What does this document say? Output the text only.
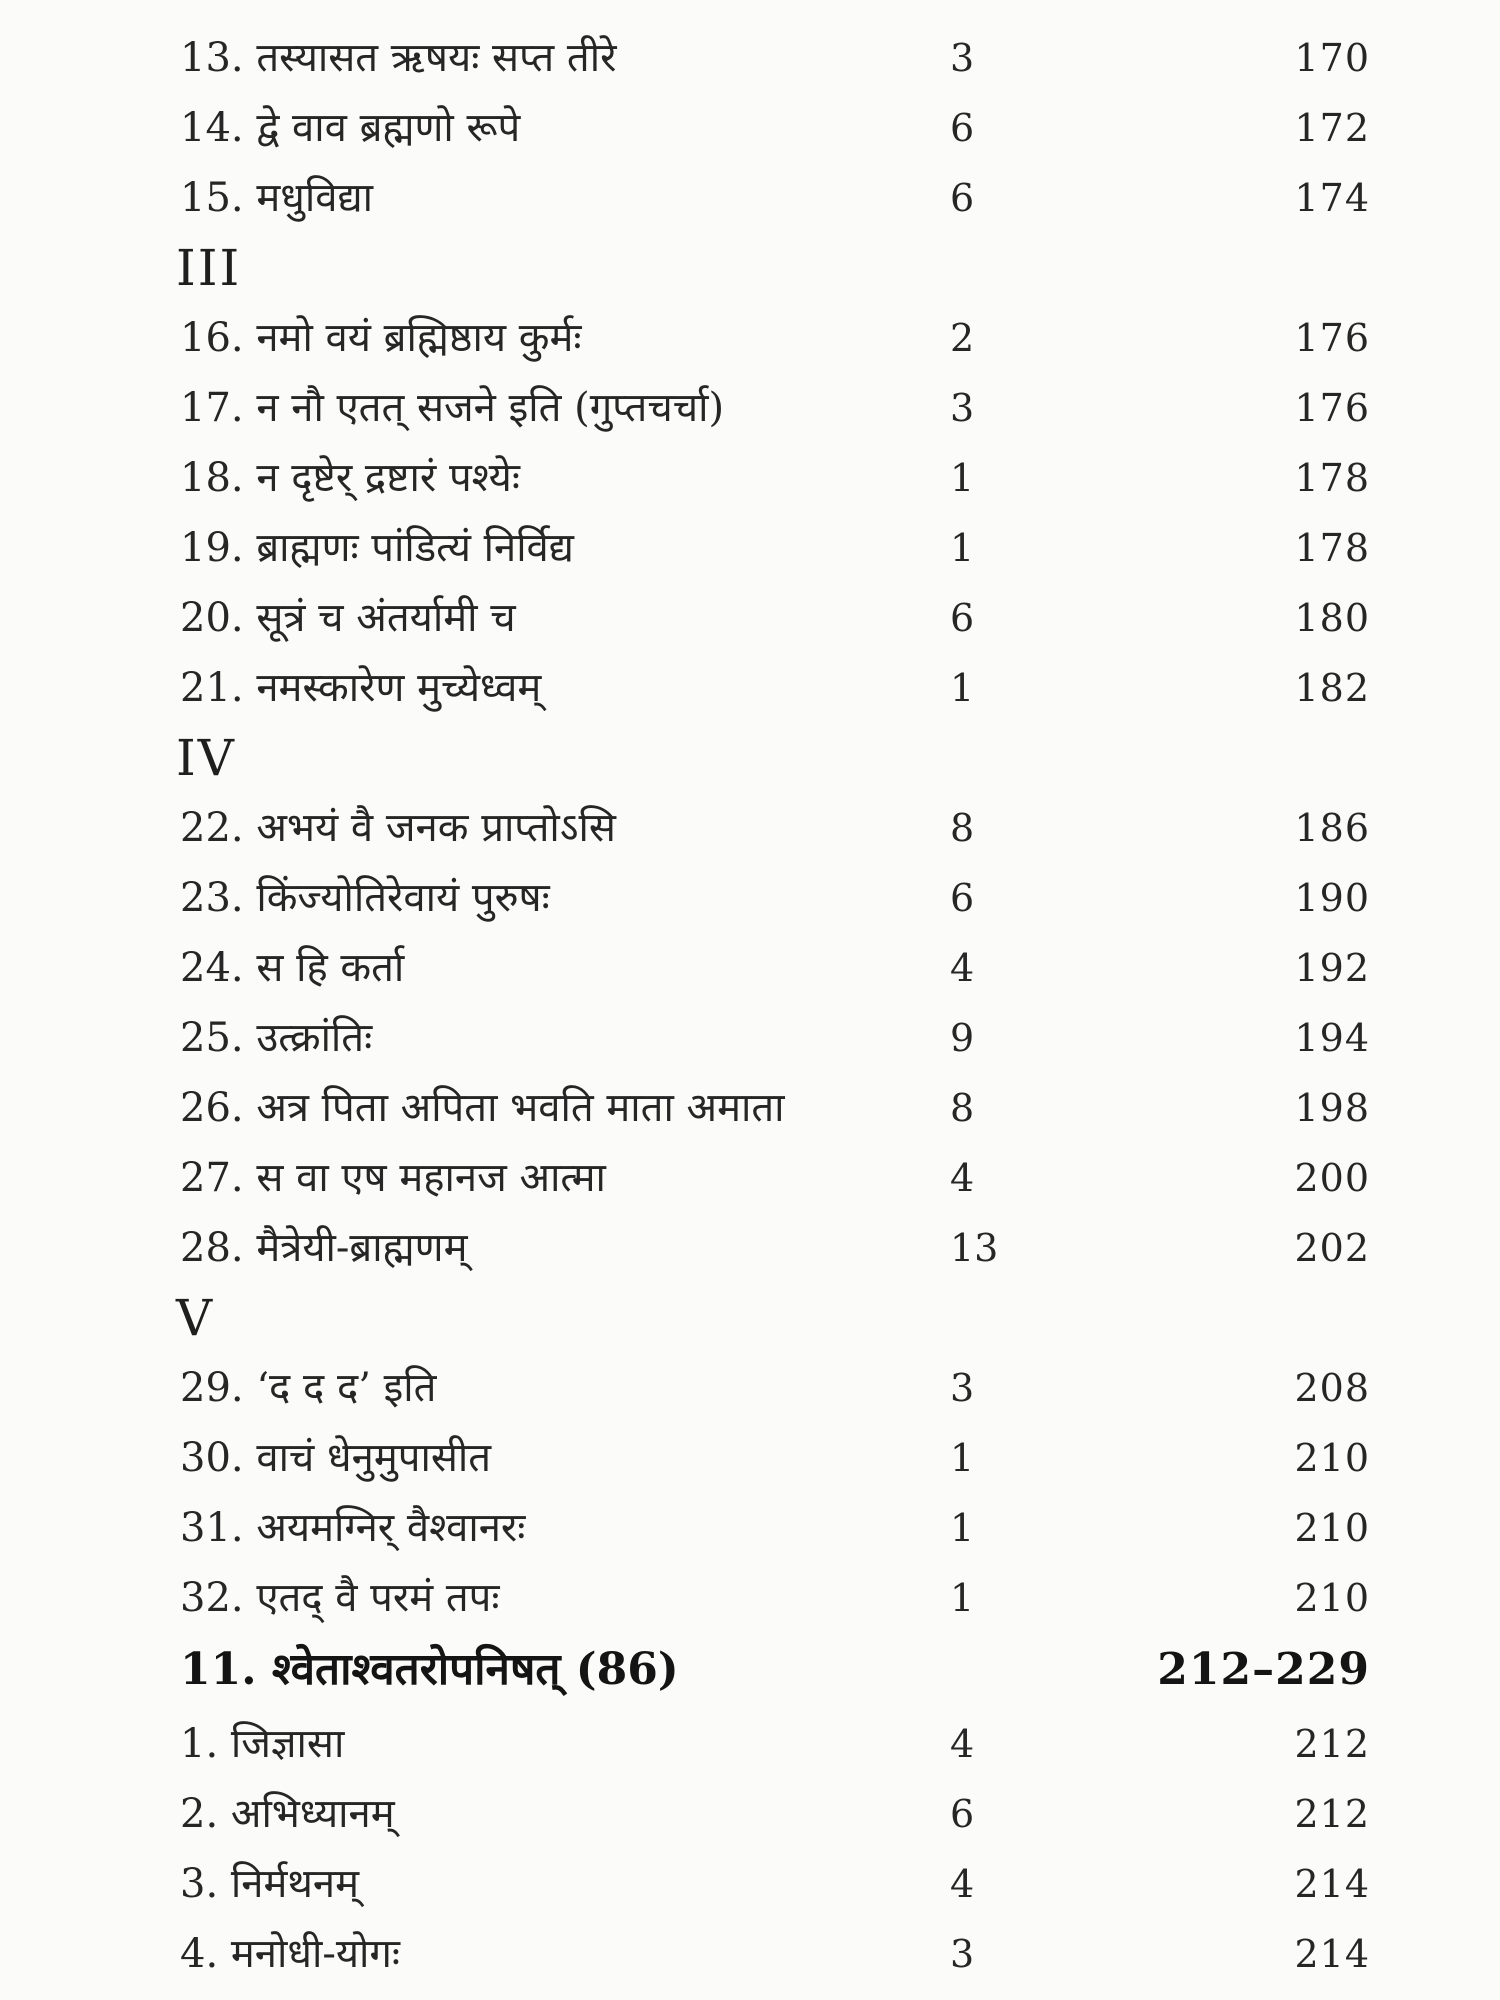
13. तस्यासत ऋषयः सप्त तीरे	3	170
14. द्वे वाव ब्रह्मणो रूपे	6	172
15. मधुविद्या	6	174
III
16. नमो वयं ब्रह्मिष्ठाय कुर्मः	2	176
17. न नौ एतत् सजने इति (गुप्तचर्चा)	3	176
18. न दृष्टेर् द्रष्टारं पश्येः	1	178
19. ब्राह्मणः पांडित्यं निर्विद्य	1	178
20. सूत्रं च अंतर्यामी च	6	180
21. नमस्कारेण मुच्येध्वम्	1	182
IV
22. अभयं वै जनक प्राप्तोऽसि	8	186
23. किंज्योतिरेवायं पुरुषः	6	190
24. स हि कर्ता	4	192
25. उत्क्रांतिः	9	194
26. अत्र पिता अपिता भवति माता अमाता	8	198
27. स वा एष महानज आत्मा	4	200
28. मैत्रेयी-ब्राह्मणम्	13	202
V
29. ‘द द द’ इति	3	208
30. वाचं धेनुमुपासीत	1	210
31. अयमग्निर् वैश्वानरः	1	210
32. एतद् वै परमं तपः	1	210
11. श्वेताश्वतरोपनिषत् (86)	212–229
1. जिज्ञासा	4	212
2. अभिध्यानम्	6	212
3. निर्मथनम्	4	214
4. मनोधी-योगः	3	214
